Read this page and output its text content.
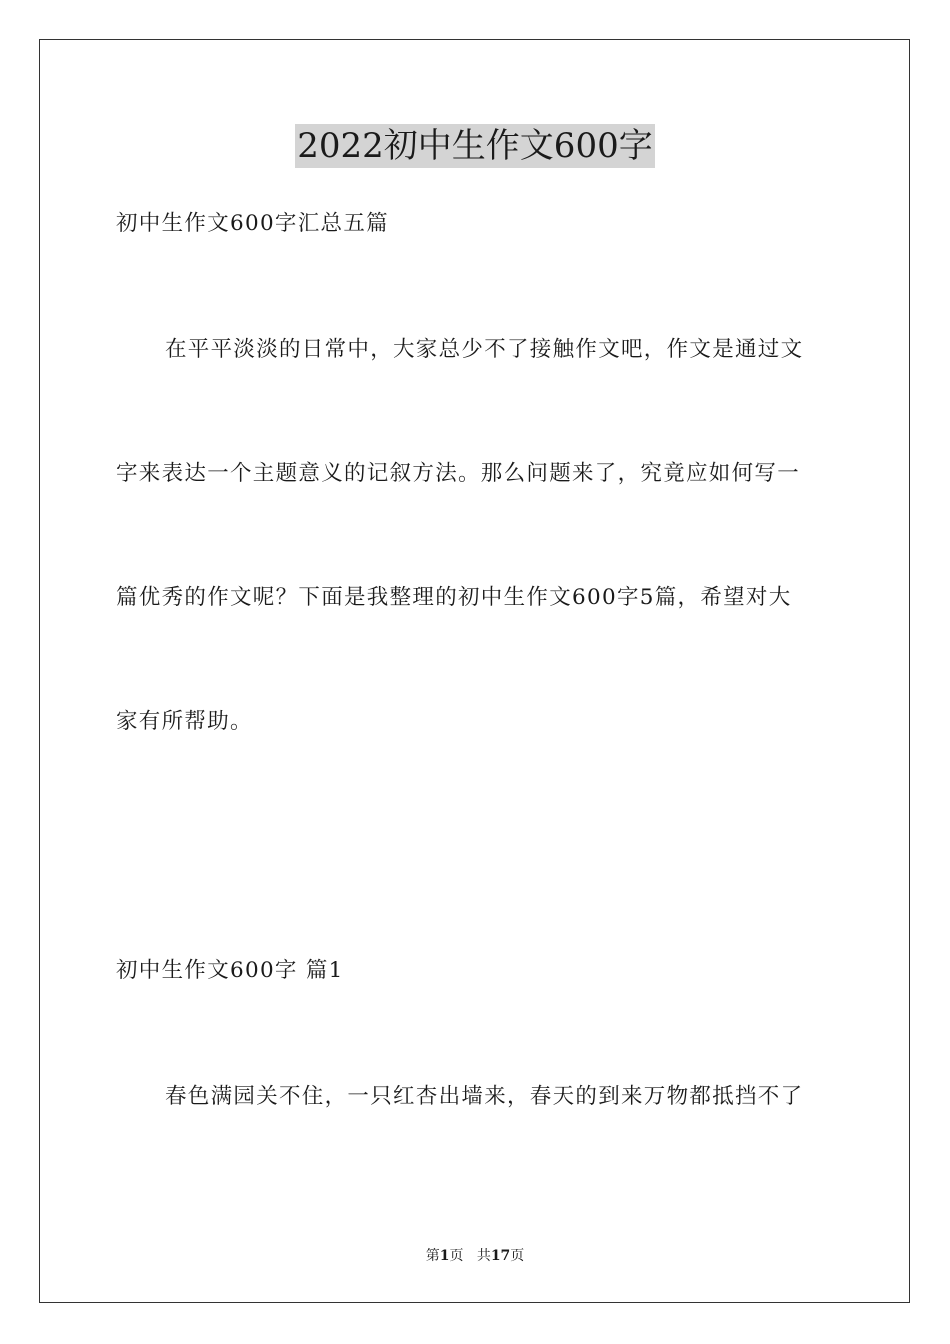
2022初中生作文600字
初中生作文600字汇总五篇
在平平淡淡的日常中，大家总少不了接触作文吧，作文是通过文
字来表达一个主题意义的记叙方法。那么问题来了，究竟应如何写一
篇优秀的作文呢？下面是我整理的初中生作文600字5篇，希望对大
家有所帮助。
初中生作文600字 篇1
春色满园关不住，一只红杏出墙来，春天的到来万物都抵挡不了
第1页 共17页
